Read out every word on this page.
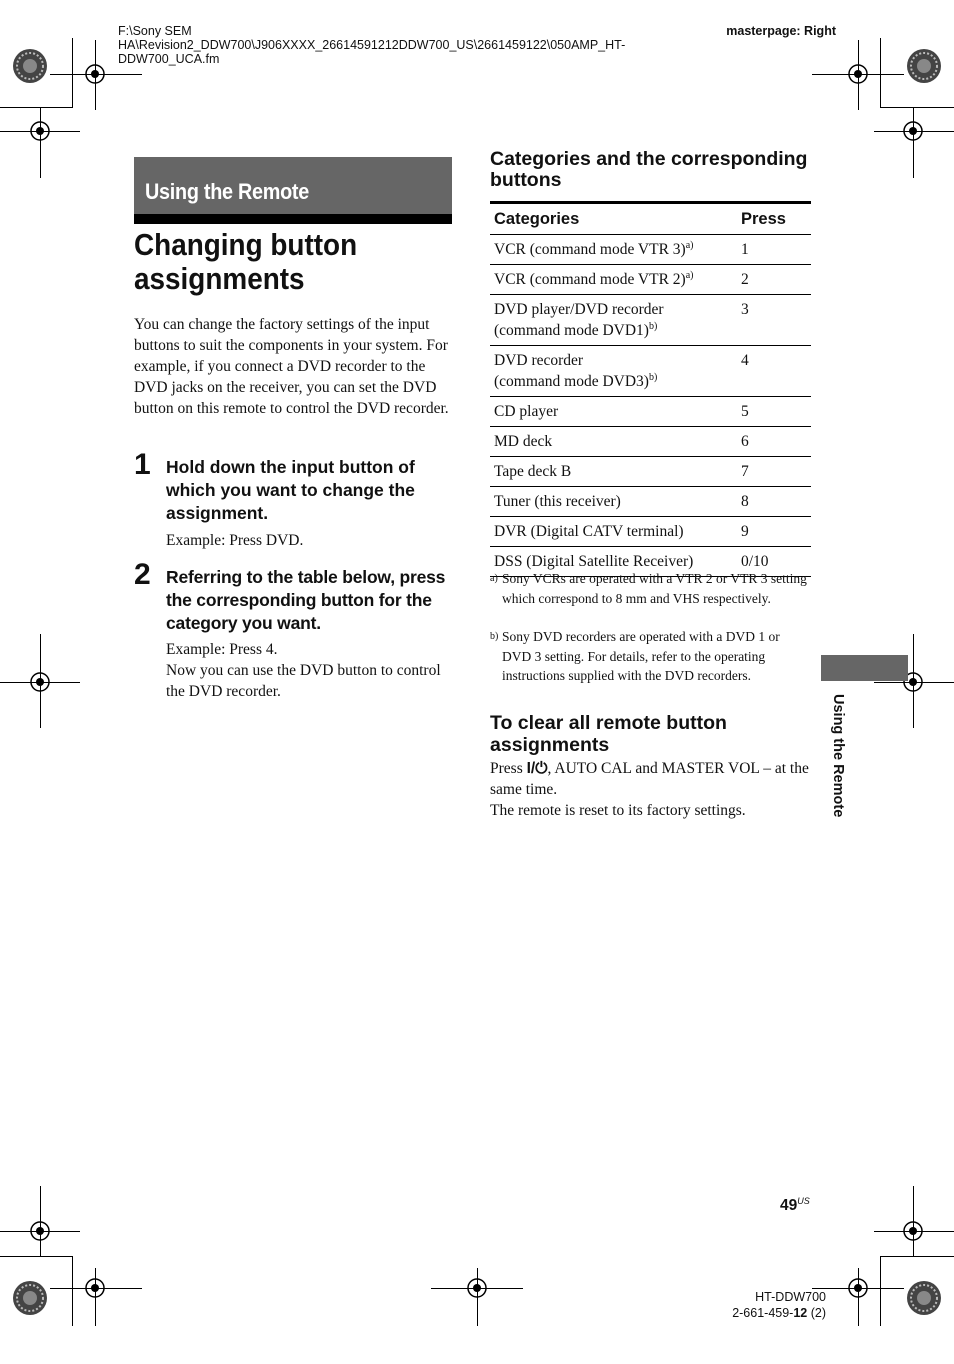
F:\Sony SEM
HA\Revision2_DDW700\J906XXXX_26614591212DDW700_US\2661459122\050AMP_HT-
DDW700_UCA.fm
masterpage: Right
Using the Remote
Changing button
assignments
You can change the factory settings of the input buttons to suit the components in your system. For example, if you connect a DVD recorder to the DVD jacks on the receiver, you can set the DVD button on this remote to control the DVD recorder.
1 Hold down the input button of which you want to change the assignment.
Example: Press DVD.
2 Referring to the table below, press the corresponding button for the category you want.
Example: Press 4.
Now you can use the DVD button to control the DVD recorder.
Categories and the corresponding buttons
Categories	Press
VCR (command mode VTR 3)$^{a)}$	1
VCR (command mode VTR 2)$^{a)}$	2
DVD player/DVD recorder
(command mode DVD1)$^{b)}$	3
DVD recorder
(command mode DVD3)$^{b)}$	4
CD player	5
MD deck	6
Tape deck B	7
Tuner (this receiver)	8
DVR (Digital CATV terminal)	9
DSS (Digital Satellite Receiver)	0/10
a) Sony VCRs are operated with a VTR 2 or VTR 3 setting which correspond to 8 mm and VHS respectively.
b) Sony DVD recorders are operated with a DVD 1 or DVD 3 setting. For details, refer to the operating instructions supplied with the DVD recorders.
To clear all remote button assignments
Press I/⏻, AUTO CAL and MASTER VOL – at the same time.
The remote is reset to its factory settings.	Using the Remote
$49^{US}$
HT-DDW700
2-661-459-12 (2)
